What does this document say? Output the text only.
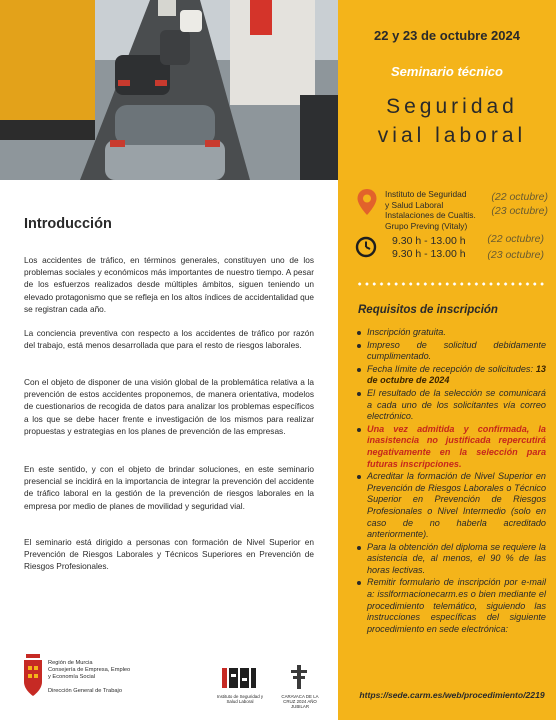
22 y 23 de octubre 2024
Seminario técnico
Seguridad
vial laboral
Instituto de Seguridad
y Salud Laboral
Instalaciones de Cualtis.
Grupo Preving (Vitaly)
(22 octubre)
(23 octubre)
9.30 h - 13.00 h
9.30 h - 13.00 h
(22 octubre)
(23 octubre)
Requisitos de inscripción
Inscripción gratuita.
Impreso de solicitud debidamente cumplimentado.
Fecha límite de recepción de solicitudes: 13 de octubre de 2024
El resultado de la selección se comunicará a cada uno de los solicitantes vía correo electrónico.
Una vez admitida y confirmada, la inasistencia no justificada repercutirá negativamente en la selección para futuras inscripciones.
Acreditar la formación de Nivel Superior en Prevención de Riesgos Laborales o Técnico Superior en Prevención de Riesgos Profesionales o Nivel Intermedio (solo en caso de no haberla acreditado anteriormente).
Para la obtención del diploma se requiere la asistencia de, al menos, el 90 % de las horas lectivas.
Remitir formulario de inscripción por e-mail a: isslformacionecarm.es o bien mediante el procedimiento telemático, siguiendo las instrucciones específicas del siguiente procedimiento en sede electrónica:
https://sede.carm.es/web/procedimiento/2219
Introducción
Los accidentes de tráfico, en términos generales, constituyen uno de los problemas sociales y económicos más importantes de nuestro tiempo. A pesar de los esfuerzos realizados desde múltiples ámbitos, siguen teniendo un elevado protagonismo que se refleja en los altos índices de accidentalidad que se registran cada año.
La conciencia preventiva con respecto a los accidentes de tráfico por razón del trabajo, está menos desarrollada que para el resto de riesgos laborales.
Con el objeto de disponer de una visión global de la problemática relativa a la prevención de estos accidentes proponemos, de manera orientativa, modelos de cuestionarios de recogida de datos para analizar los problemas específicos a los que se debe hacer frente e investigación de los mismos para realizar propuestas y estrategias en los planes de prevención de las empresas.
En este sentido, y con el objeto de brindar soluciones, en este seminario presencial se incidirá en la importancia de integrar la prevención del accidente de tráfico laboral en la gestión de la prevención de riesgos laborales en la empresa por medio de planes de movilidad y seguridad vial.
El seminario está dirigido a personas con formación de Nivel Superior en Prevención de Riesgos Laborales y Técnicos Superiores en Prevención de Riesgos Profesionales.
Región de Murcia
Consejería de Empresa, Empleo
y Economía Social
Dirección General de Trabajo
Instituto de Seguridad y Salud Laboral
CARAVACA DE LA CRUZ 2024 AÑO JUBILAR
